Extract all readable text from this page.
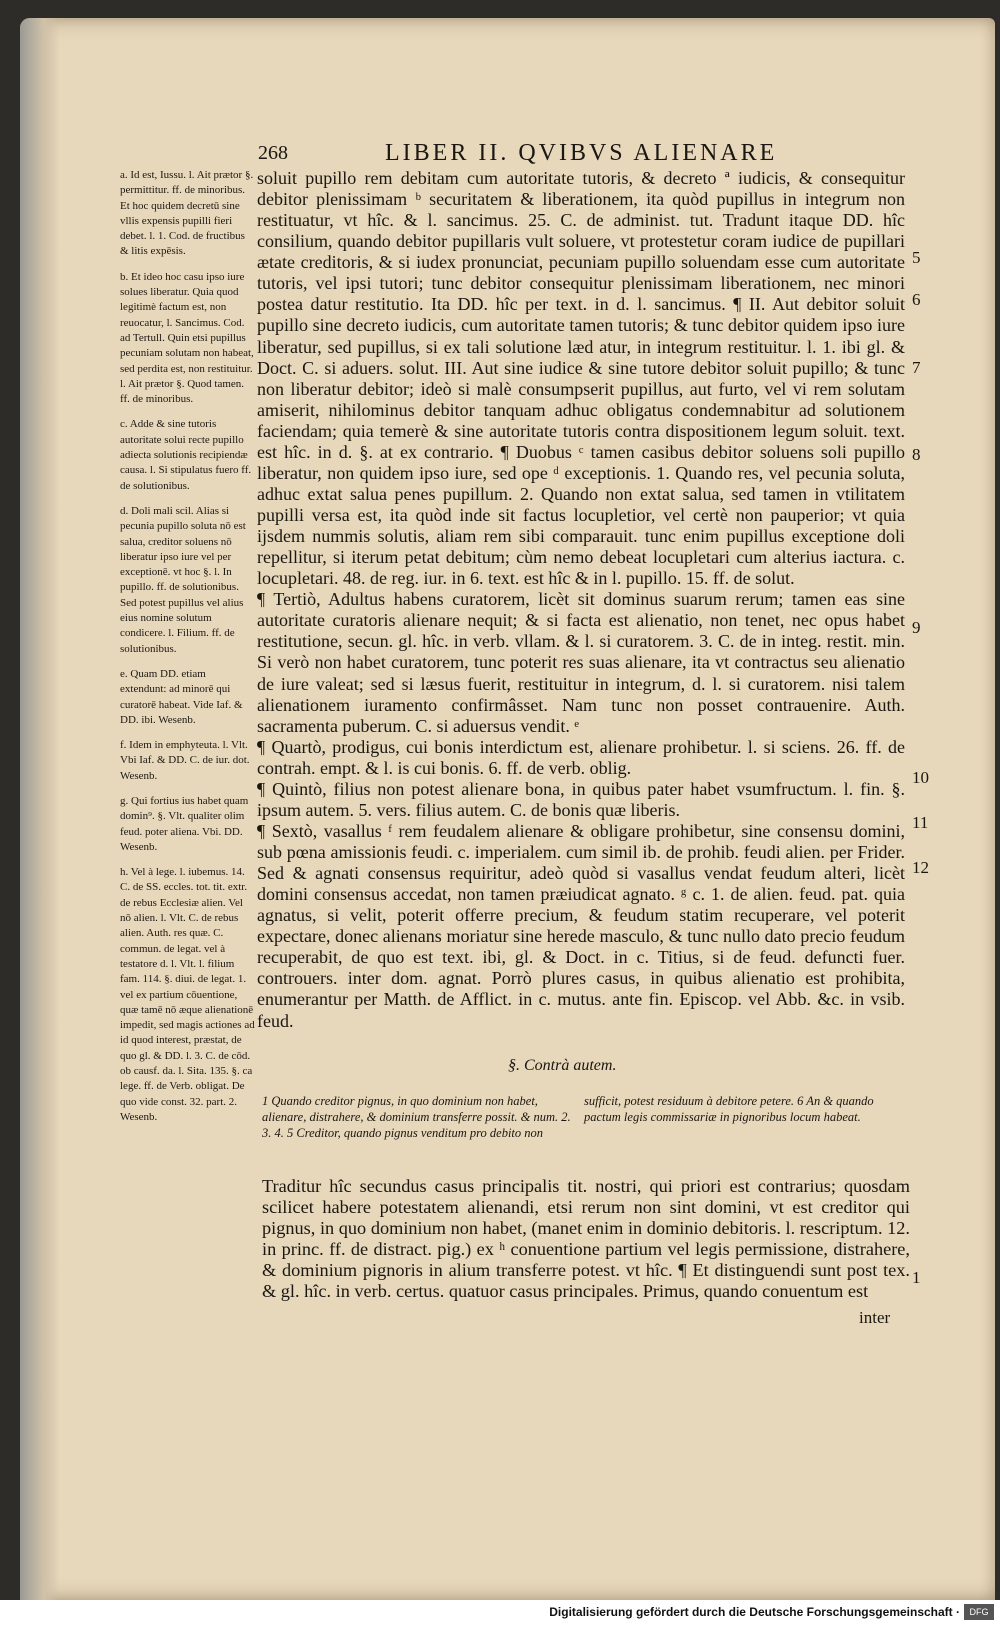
268	LIBER II. QVIBVS ALIENARE

a. Id est, Iussu. l. Ait prætor §. permittitur. ff. de minoribus. Et hoc quidem decretū sine vllis expensis pupilli fieri debet. l. 1. Cod. de fructibus & litis expēsis.

b. Et ideo hoc casu ipso iure solues liberatur. Quia quod legitimè factum est, non reuocatur, l. Sancimus. Cod. ad Tertull. Quin etsi pupillus pecuniam solutam non habeat, sed perdita est, non restituitur. l. Ait prætor §. Quod tamen. ff. de minoribus.

c. Adde & sine tutoris autoritate solui recte pupillo adiecta solutionis recipiendæ causa. l. Si stipulatus fuero ff. de solutionibus.

d. Doli mali scil. Alias si pecunia pupillo soluta nō est salua, creditor soluens nō liberatur ipso iure vel per exceptionē. vt hoc §. l. In pupillo. ff. de solutionibus. Sed potest pupillus vel alius eius nomine solutum condicere. l. Filium. ff. de solutionibus.

e. Quam DD. etiam extendunt: ad minorē qui curatorē habeat. Vide Iaf. & DD. ibi. Wesenb.

f. Idem in emphyteuta. l. Vlt. Vbi Iaf. & DD. C. de iur. dot. Wesenb.

g. Qui fortius ius habet quam domin⁹. §. Vlt. qualiter olim feud. poter aliena. Vbi. DD. Wesenb.

h. Vel à lege. l. iubemus. 14. C. de SS. eccles. tot. tit. extr. de rebus Ecclesiæ alien. Vel nō alien. l. Vlt. C. de rebus alien. Auth. res quæ. C. commun. de legat. vel à testatore d. l. Vlt. l. filium fam. 114. §. diui. de legat. 1. vel ex partium cōuentione, quæ tamē nō æque alienationē impedit, sed magis actiones ad id quod interest, præstat, de quo gl. & DD. l. 3. C. de cōd. ob causf. da. l. Sita. 135. §. ca lege. ff. de Verb. obligat. De quo vide const. 32. part. 2. Wesenb.

soluit pupillo rem debitam cum autoritate tutoris, & decreto ª iudicis, & consequitur debitor plenissimam ᵇ securitatem & liberationem, ita quòd pupillus in integrum non restituatur, vt hîc. & l. sancimus. 25. C. de administ. tut. Tradunt itaque DD. hîc consilium, quando debitor pupillaris vult soluere, vt protestetur coram iudice de pupillari ætate creditoris, & si iudex pronunciat, pecuniam pupillo soluendam esse cum autoritate tutoris, vel ipsi tutori; tunc debitor consequitur plenissimam liberationem, nec minori postea datur restitutio. Ita DD. hîc per text. in d. l. sancimus. ¶ II. Aut debitor soluit pupillo sine decreto iudicis, cum autoritate tamen tutoris; & tunc debitor quidem ipso iure liberatur, sed pupillus, si ex tali solutione læd atur, in integrum restituitur. l. 1. ibi gl. & Doct. C. si aduers. solut. III. Aut sine iudice & sine tutore debitor soluit pupillo; & tunc non liberatur debitor; ideò si malè consumpserit pupillus, aut furto, vel vi rem solutam amiserit, nihilominus debitor tanquam adhuc obligatus condemnabitur ad solutionem faciendam; quia temerè & sine autoritate tutoris contra dispositionem legum soluit. text. est hîc. in d. §. at ex contrario. ¶ Duobus ᶜ tamen casibus debitor soluens soli pupillo liberatur, non quidem ipso iure, sed ope ᵈ exceptionis. 1. Quando res, vel pecunia soluta, adhuc extat salua penes pupillum. 2. Quando non extat salua, sed tamen in vtilitatem pupilli versa est, ita quòd inde sit factus locupletior, vel certè non pauperior; vt quia ijsdem nummis solutis, aliam rem sibi comparauit. tunc enim pupillus exceptione doli repellitur, si iterum petat debitum; cùm nemo debeat locupletari cum alterius iactura. c. locupletari. 48. de reg. iur. in 6. text. est hîc & in l. pupillo. 15. ff. de solut.

¶ Tertiò, Adultus habens curatorem, licèt sit dominus suarum rerum; tamen eas sine autoritate curatoris alienare nequit; & si facta est alienatio, non tenet, nec opus habet restitutione, secun. gl. hîc. in verb. vllam. & l. si curatorem. 3. C. de in integ. restit. min. Si verò non habet curatorem, tunc poterit res suas alienare, ita vt contractus seu alienatio de iure valeat; sed si læsus fuerit, restituitur in integrum, d. l. si curatorem. nisi talem alienationem iuramento confirmâsset. Nam tunc non posset contrauenire. Auth. sacramenta puberum. C. si aduersus vendit. ᵉ

¶ Quartò, prodigus, cui bonis interdictum est, alienare prohibetur. l. si sciens. 26. ff. de contrah. empt. & l. is cui bonis. 6. ff. de verb. oblig.

¶ Quintò, filius non potest alienare bona, in quibus pater habet vsumfructum. l. fin. §. ipsum autem. 5. vers. filius autem. C. de bonis quæ liberis.

¶ Sextò, vasallus ᶠ rem feudalem alienare & obligare prohibetur, sine consensu domini, sub pœna amissionis feudi. c. imperialem. cum simil ib. de prohib. feudi alien. per Frider. Sed & agnati consensus requiritur, adeò quòd si vasallus vendat feudum alteri, licèt domini consensus accedat, non tamen præiudicat agnato. ᵍ c. 1. de alien. feud. pat. quia agnatus, si velit, poterit offerre precium, & feudum statim recuperare, vel poterit expectare, donec alienans moriatur sine herede masculo, & tunc nullo dato precio feudum recuperabit, de quo est text. ibi, gl. & Doct. in c. Titius, si de feud. defuncti fuer. controuers. inter dom. agnat. Porrò plures casus, in quibus alienatio est prohibita, enumerantur per Matth. de Afflict. in c. mutus. ante fin. Episcop. vel Abb. &c. in vsib. feud.

5
6
7
8
9
10
11
12
1
§. Contrà autem.
1 Quando creditor pignus, in quo dominium non habet, alienare, distrahere, & dominium transferre possit. & num. 2. 3. 4. 5 Creditor, quando pignus venditum pro debito non
sufficit, potest residuum à debitore petere. 6 An & quando pactum legis commissariæ in pignoribus locum habeat.
Traditur hîc secundus casus principalis tit. nostri, qui priori est contrarius; quosdam scilicet habere potestatem alienandi, etsi rerum non sint domini, vt est creditor qui pignus, in quo dominium non habet, (manet enim in dominio debitoris. l. rescriptum. 12. in princ. ff. de distract. pig.) ex ʰ conuentione partium vel legis permissione, distrahere, & dominium pignoris in alium transferre potest. vt hîc. ¶ Et distinguendi sunt post tex. & gl. hîc. in verb. certus. quatuor casus principales. Primus, quando conuentum est
inter
Digitalisierung gefördert durch die Deutsche Forschungsgemeinschaft ·	DFG
